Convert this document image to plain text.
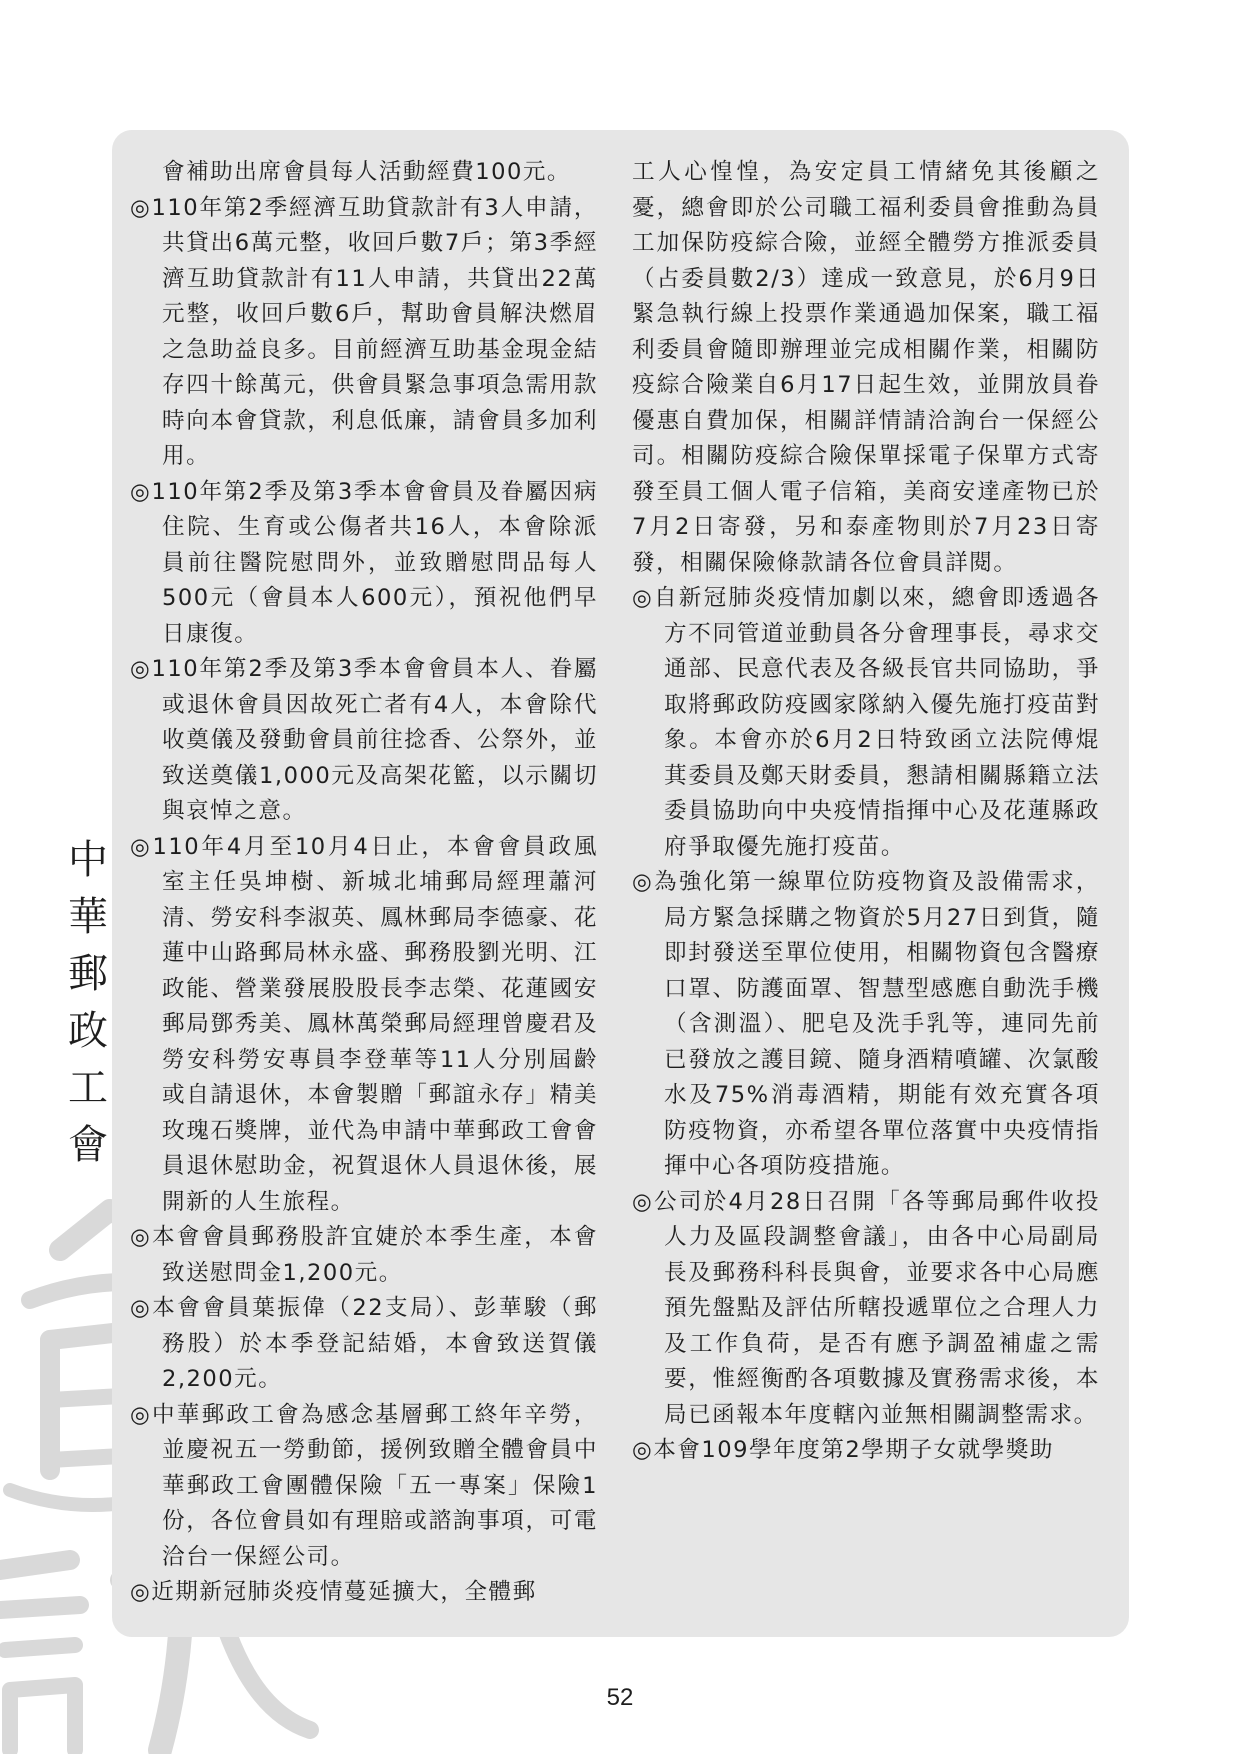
中
華
郵
政
工
會
會補助出席會員每人活動經費100元。
◎110年第2季經濟互助貸款計有3人申請，共貸出6萬元整，收回戶數7戶；第3季經濟互助貸款計有11人申請，共貸出22萬元整，收回戶數6戶，幫助會員解決燃眉之急助益良多。目前經濟互助基金現金結存四十餘萬元，供會員緊急事項急需用款時向本會貸款，利息低廉，請會員多加利用。
◎110年第2季及第3季本會會員及眷屬因病住院、生育或公傷者共16人，本會除派員前往醫院慰問外，並致贈慰問品每人500元（會員本人600元），預祝他們早日康復。
◎110年第2季及第3季本會會員本人、眷屬或退休會員因故死亡者有4人，本會除代收奠儀及發動會員前往捻香、公祭外，並致送奠儀1,000元及高架花籃，以示關切與哀悼之意。
◎110年4月至10月4日止，本會會員政風室主任吳坤樹、新城北埔郵局經理蕭河清、勞安科李淑英、鳳林郵局李德豪、花蓮中山路郵局林永盛、郵務股劉光明、江政能、營業發展股股長李志榮、花蓮國安郵局鄧秀美、鳳林萬榮郵局經理曾慶君及勞安科勞安專員李登華等11人分別屆齡或自請退休，本會製贈「郵誼永存」精美玫瑰石獎牌，並代為申請中華郵政工會會員退休慰助金，祝賀退休人員退休後，展開新的人生旅程。
◎本會會員郵務股許宜婕於本季生產，本會致送慰問金1,200元。
◎本會會員葉振偉（22支局）、彭華駿（郵務股）於本季登記結婚，本會致送賀儀2,200元。
◎中華郵政工會為感念基層郵工終年辛勞，並慶祝五一勞動節，援例致贈全體會員中華郵政工會團體保險「五一專案」保險1份，各位會員如有理賠或諮詢事項，可電洽台一保經公司。
◎近期新冠肺炎疫情蔓延擴大，全體郵
工人心惶惶，為安定員工情緒免其後顧之憂，總會即於公司職工福利委員會推動為員工加保防疫綜合險，並經全體勞方推派委員（占委員數2/3）達成一致意見，於6月9日緊急執行線上投票作業通過加保案，職工福利委員會隨即辦理並完成相關作業，相關防疫綜合險業自6月17日起生效，並開放員眷優惠自費加保，相關詳情請洽詢台一保經公司。相關防疫綜合險保單採電子保單方式寄發至員工個人電子信箱，美商安達產物已於7月2日寄發，另和泰產物則於7月23日寄發，相關保險條款請各位會員詳閱。
◎自新冠肺炎疫情加劇以來，總會即透過各方不同管道並動員各分會理事長，尋求交通部、民意代表及各級長官共同協助，爭取將郵政防疫國家隊納入優先施打疫苗對象。本會亦於6月2日特致函立法院傅焜萁委員及鄭天財委員，懇請相關縣籍立法委員協助向中央疫情指揮中心及花蓮縣政府爭取優先施打疫苗。
◎為強化第一線單位防疫物資及設備需求，局方緊急採購之物資於5月27日到貨，隨即封發送至單位使用，相關物資包含醫療口罩、防護面罩、智慧型感應自動洗手機（含測溫）、肥皂及洗手乳等，連同先前已發放之護目鏡、隨身酒精噴罐、次氯酸水及75%消毒酒精，期能有效充實各項防疫物資，亦希望各單位落實中央疫情指揮中心各項防疫措施。
◎公司於4月28日召開「各等郵局郵件收投人力及區段調整會議」，由各中心局副局長及郵務科科長與會，並要求各中心局應預先盤點及評估所轄投遞單位之合理人力及工作負荷，是否有應予調盈補虛之需要，惟經衡酌各項數據及實務需求後，本局已函報本年度轄內並無相關調整需求。
◎本會109學年度第2學期子女就學獎助
52
